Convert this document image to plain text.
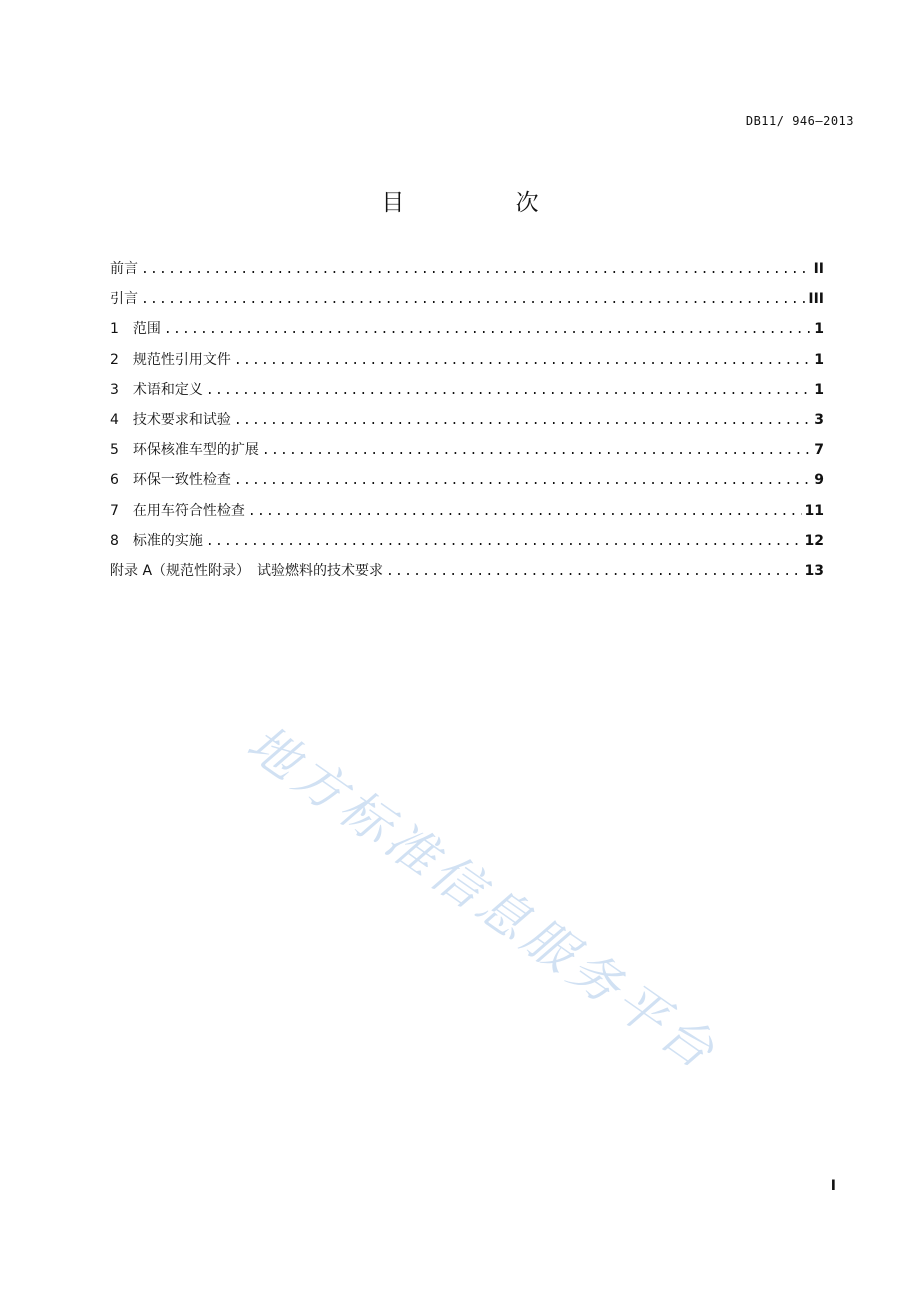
DB11/ 946—2013
目 次
前言 .....	II
引言 .....	III
1　范围 .....	1
2　规范性引用文件 .....	1
3　术语和定义 .....	1
4　技术要求和试验 .....	3
5　环保核准车型的扩展 .....	7
6　环保一致性检查 .....	9
7　在用车符合性检查 .....	11
8　标准的实施 .....	12
附录 A（规范性附录）　试验燃料的技术要求 .....	13
地方标准信息服务平台
I
